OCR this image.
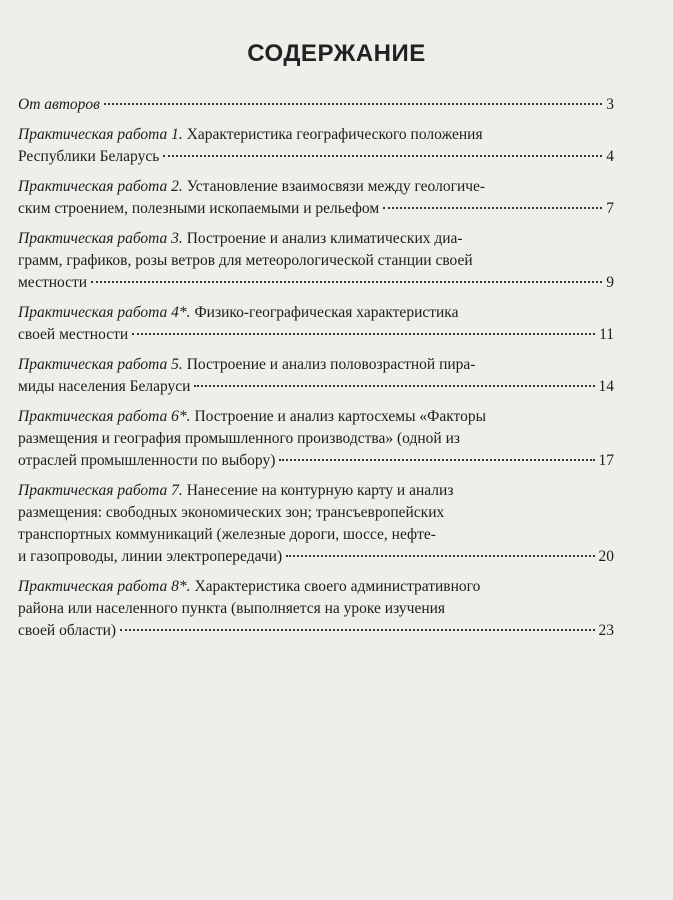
СОДЕРЖАНИЕ
От авторов	3
Практическая работа 1. Характеристика географического положения
Республики Беларусь	4
Практическая работа 2. Установление взаимосвязи между геологиче-
ским строением, полезными ископаемыми и рельефом	7
Практическая работа 3. Построение и анализ климатических диа-
грамм, графиков, розы ветров для метеорологической станции своей
местности	9
Практическая работа 4*. Физико-географическая характеристика
своей местности	11
Практическая работа 5. Построение и анализ половозрастной пира-
миды населения Беларуси	14
Практическая работа 6*. Построение и анализ картосхемы «Факторы
размещения и география промышленного производства» (одной из
отраслей промышленности по выбору)	17
Практическая работа 7. Нанесение на контурную карту и анализ
размещения: свободных экономических зон; трансъевропейских
транспортных коммуникаций (железные дороги, шоссе, нефте-
и газопроводы, линии электропередачи)	20
Практическая работа 8*. Характеристика своего административного
района или населенного пункта (выполняется на уроке изучения
своей области)	23
